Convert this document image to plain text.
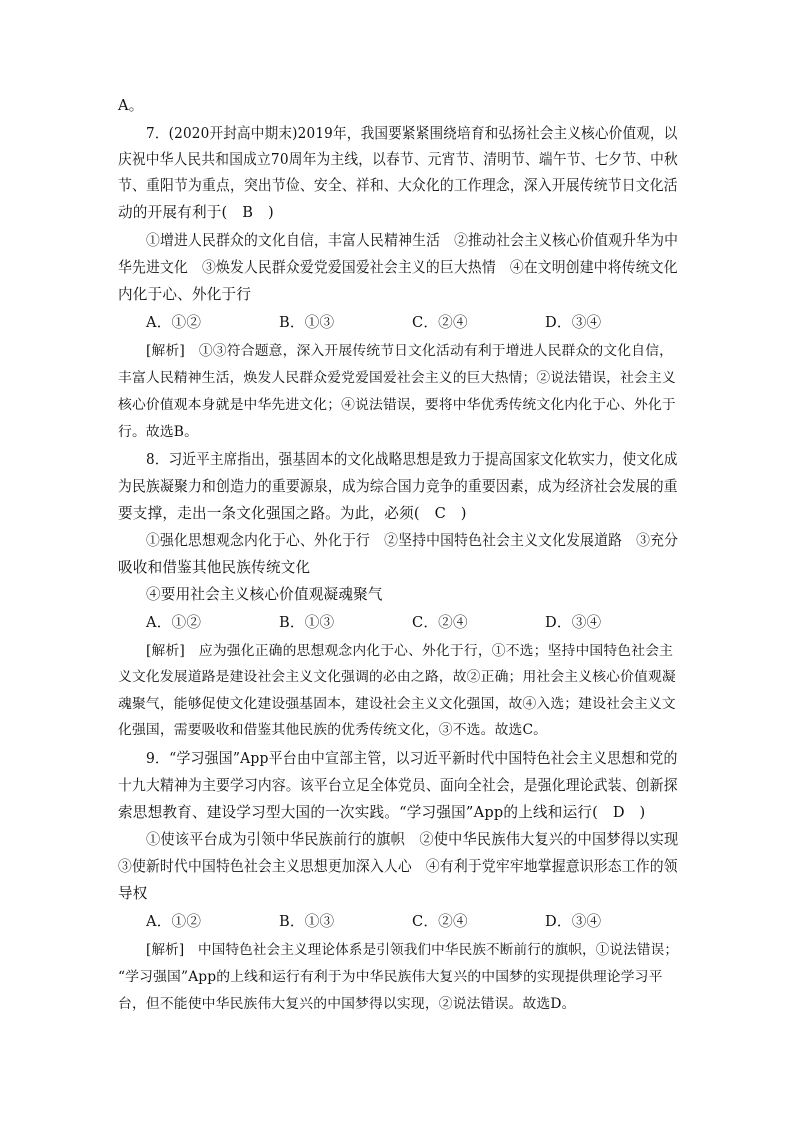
A。
7．(2020开封高中期末)2019年，我国要紧紧围绕培育和弘扬社会主义核心价值观，以
庆祝中华人民共和国成立70周年为主线，以春节、元宵节、清明节、端午节、七夕节、中秋
节、重阳节为重点，突出节俭、安全、祥和、大众化的工作理念，深入开展传统节日文化活
动的开展有利于(　B　)
①增进人民群众的文化自信，丰富人民精神生活　②推动社会主义核心价值观升华为中
华先进文化　③焕发人民群众爱党爱国爱社会主义的巨大热情　④在文明创建中将传统文化
内化于心、外化于行
A．①②	B．①③	C．②④	D．③④
[解析]　①③符合题意，深入开展传统节日文化活动有利于增进人民群众的文化自信，
丰富人民精神生活，焕发人民群众爱党爱国爱社会主义的巨大热情；②说法错误，社会主义
核心价值观本身就是中华先进文化；④说法错误，要将中华优秀传统文化内化于心、外化于
行。故选B。
8．习近平主席指出，强基固本的文化战略思想是致力于提高国家文化软实力，使文化成
为民族凝聚力和创造力的重要源泉，成为综合国力竞争的重要因素，成为经济社会发展的重
要支撑，走出一条文化强国之路。为此，必须(　C　)
①强化思想观念内化于心、外化于行　②坚持中国特色社会主义文化发展道路　③充分
吸收和借鉴其他民族传统文化
④要用社会主义核心价值观凝魂聚气
A．①②	B．①③	C．②④	D．③④
[解析]　应为强化正确的思想观念内化于心、外化于行，①不选；坚持中国特色社会主
义文化发展道路是建设社会主义文化强调的必由之路，故②正确；用社会主义核心价值观凝
魂聚气，能够促使文化建设强基固本，建设社会主义文化强国，故④入选；建设社会主义文
化强国，需要吸收和借鉴其他民族的优秀传统文化，③不选。故选C。
9．“学习强国”App平台由中宣部主管，以习近平新时代中国特色社会主义思想和党的
十九大精神为主要学习内容。该平台立足全体党员、面向全社会，是强化理论武装、创新探
索思想教育、建设学习型大国的一次实践。“学习强国”App的上线和运行(　D　)
①使该平台成为引领中华民族前行的旗帜　②使中华民族伟大复兴的中国梦得以实现
③使新时代中国特色社会主义思想更加深入人心　④有利于党牢牢地掌握意识形态工作的领
导权
A．①②	B．①③	C．②④	D．③④
[解析]　中国特色社会主义理论体系是引领我们中华民族不断前行的旗帜，①说法错误；
“学习强国”App的上线和运行有利于为中华民族伟大复兴的中国梦的实现提供理论学习平
台，但不能使中华民族伟大复兴的中国梦得以实现，②说法错误。故选D。
